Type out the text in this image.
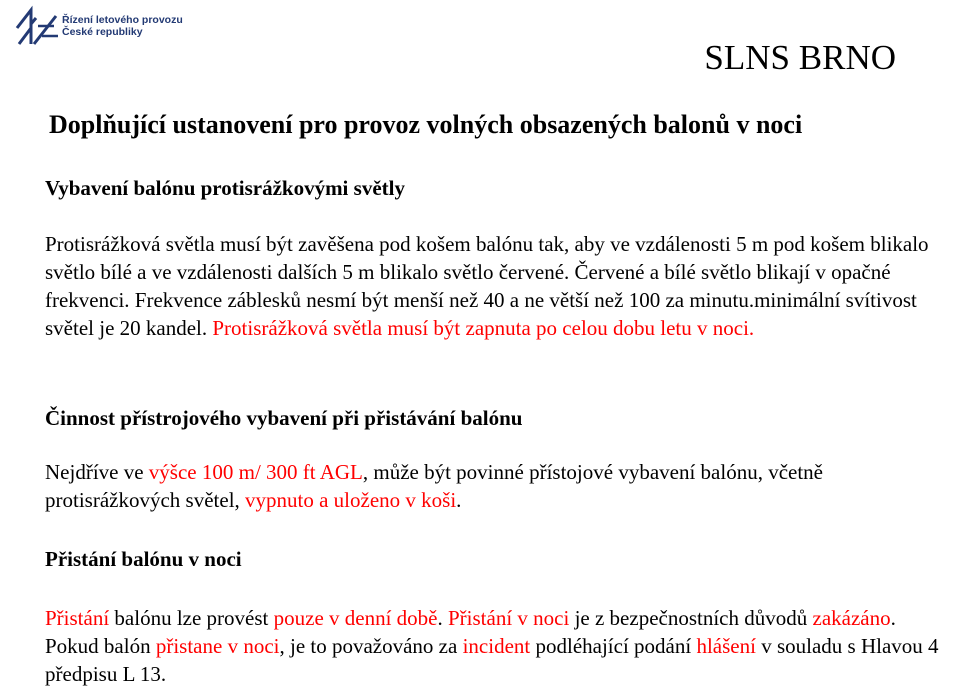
Řízení letového provozu
České republiky
SLNS BRNO
Doplňující ustanovení pro provoz volných obsazených balonů v noci
Vybavení balónu protisrážkovými světly
Protisrážková světla musí být zavěšena pod košem balónu tak, aby ve vzdálenosti 5 m pod košem blikalo světlo bílé a ve vzdálenosti dalších 5 m blikalo světlo červené. Červené a bílé světlo blikají v opačné frekvenci. Frekvence záblesků nesmí být menší než 40 a ne větší než 100 za minutu.minimální svítivost světel je 20 kandel. Protisrážková světla musí být zapnuta po celou dobu letu v noci.
Činnost přístrojového vybavení při přistávání balónu
Nejdříve ve výšce 100 m/ 300 ft AGL, může být povinné přístojové vybavení balónu, včetně protisrážkových světel, vypnuto a uloženo v koši.
Přistání balónu v noci
Přistání balónu lze provést pouze v denní době. Přistání v noci je z bezpečnostních důvodů zakázáno. Pokud balón přistane v noci, je to považováno za incident podléhající podání hlášení v souladu s Hlavou 4 předpisu L 13.
